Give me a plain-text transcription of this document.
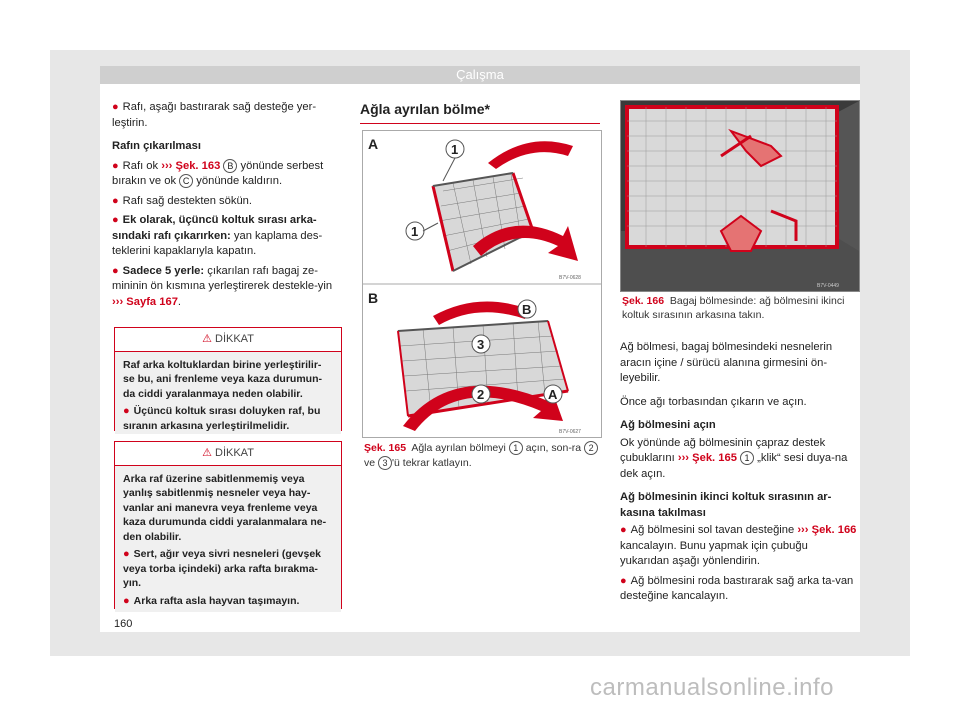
Çalışma

● Rafı, aşağı bastırarak sağ desteğe yer-leştirin.

Rafın çıkarılması

● Rafı ok ››› Şek. 163 B yönünde serbest bırakın ve ok C yönünde kaldırın.

● Rafı sağ destekten sökün.

● Ek olarak, üçüncü koltuk sırası arka-sındaki rafı çıkarırken: yan kaplama des-teklerini kapaklarıyla kapatın.

● Sadece 5 yerle: çıkarılan rafı bagaj ze-mininin ön kısmına yerleştirerek destekle-yin ››› Sayfa 167.

⚠ DİKKAT
Raf arka koltuklardan birine yerleştirilir-se bu, ani frenleme veya kaza durumun-da ciddi yaralanmaya neden olabilir.
● Üçüncü koltuk sırası doluyken raf, bu sıranın arkasına yerleştirilmelidir.
⚠ DİKKAT
Arka raf üzerine sabitlenmemiş veya yanlış sabitlenmiş nesneler veya hay-vanlar ani manevra veya frenleme veya kaza durumunda ciddi yaralanmalara ne-den olabilir.
● Sert, ağır veya sivri nesneleri (gevşek veya torba içindeki) arka rafta bırakma-yın.
● Arka rafta asla hayvan taşımayın.
Ağla ayrılan bölme*
A	1
1
B7V-0628
B
B
3
2	A
B7V-0627
Şek. 165 Ağla ayrılan bölmeyi 1 açın, son-ra 2 ve 3 'ü tekrar katlayın.
B7V-0449
Şek. 166 Bagaj bölmesinde: ağ bölmesini ikinci koltuk sırasının arkasına takın.

Ağ bölmesi, bagaj bölmesindeki nesnelerin aracın içine / sürücü alanına girmesini ön-leyebilir.

Önce ağı torbasından çıkarın ve açın.

Ağ bölmesini açın

Ok yönünde ağ bölmesinin çapraz destek çubuklarını ››› Şek. 165 1 „klik“ sesi duya-na dek açın.

Ağ bölmesinin ikinci koltuk sırasının ar-kasına takılması

● Ağ bölmesini sol tavan desteğine ››› Şek. 166 kancalayın. Bunu yapmak için çubuğu yukarıdan aşağı yönlendirin.

● Ağ bölmesini roda bastırarak sağ arka ta-van desteğine kancalayın.

160
carmanualsonline.info
